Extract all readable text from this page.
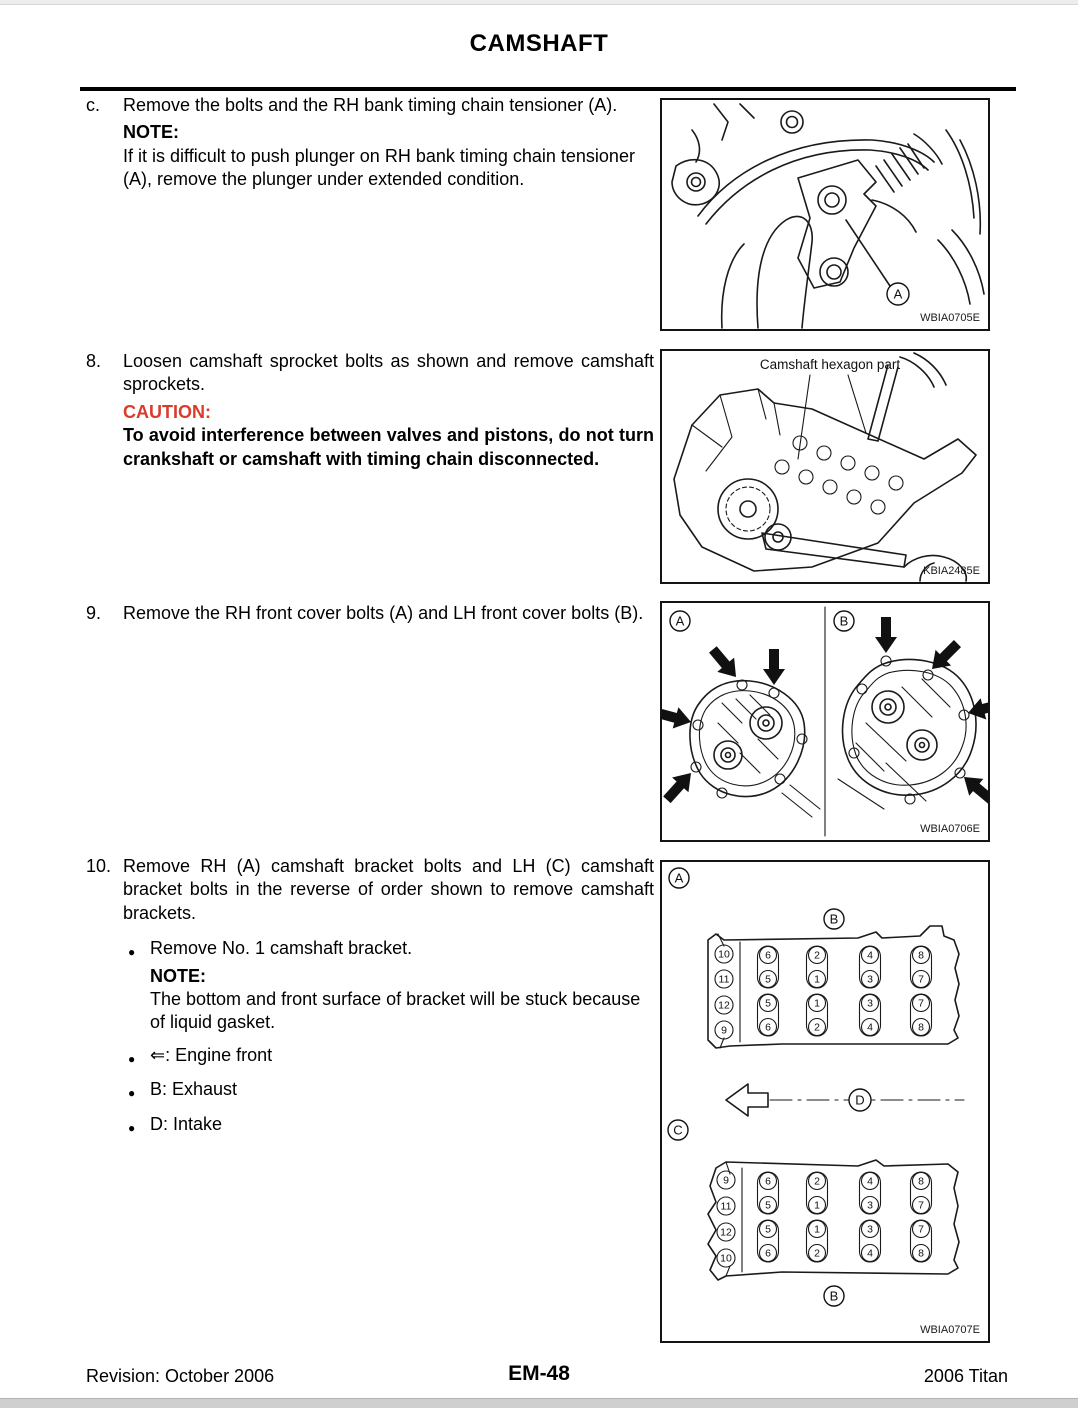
CAMSHAFT
c.	Remove the bolts and the RH bank timing chain tensioner (A).
NOTE:
If it is difficult to push plunger on RH bank timing chain tensioner (A), remove the plunger under extended condition.
8.	Loosen camshaft sprocket bolts as shown and remove camshaft sprockets.
CAUTION:
To avoid interference between valves and pistons, do not turn crankshaft or camshaft with timing chain disconnected.
9.	Remove the RH front cover bolts (A) and LH front cover bolts (B).
10. Remove RH (A) camshaft bracket bolts and LH (C) camshaft bracket bolts in the reverse of order shown to remove camshaft brackets.
●
Remove No. 1 camshaft bracket.
NOTE:
The bottom and front surface of bracket will be stuck because of liquid gasket.
●
⇐: Engine front
●
B: Exhaust
●
D: Intake
A
WBIA0705E
Camshaft hexagon part
KBIA2485E
A	B
WBIA0706E
10
11
12
9
6
5
5
6
2
1
1
2
4
3
3
4
8
7
7
8
D
9
11
12
10
6
5
5
6
2
1
1
2
4
3
3
4
8
7
7
8
A
B
C
B
WBIA0707E
Revision: October 2006	EM-48	2006 Titan
